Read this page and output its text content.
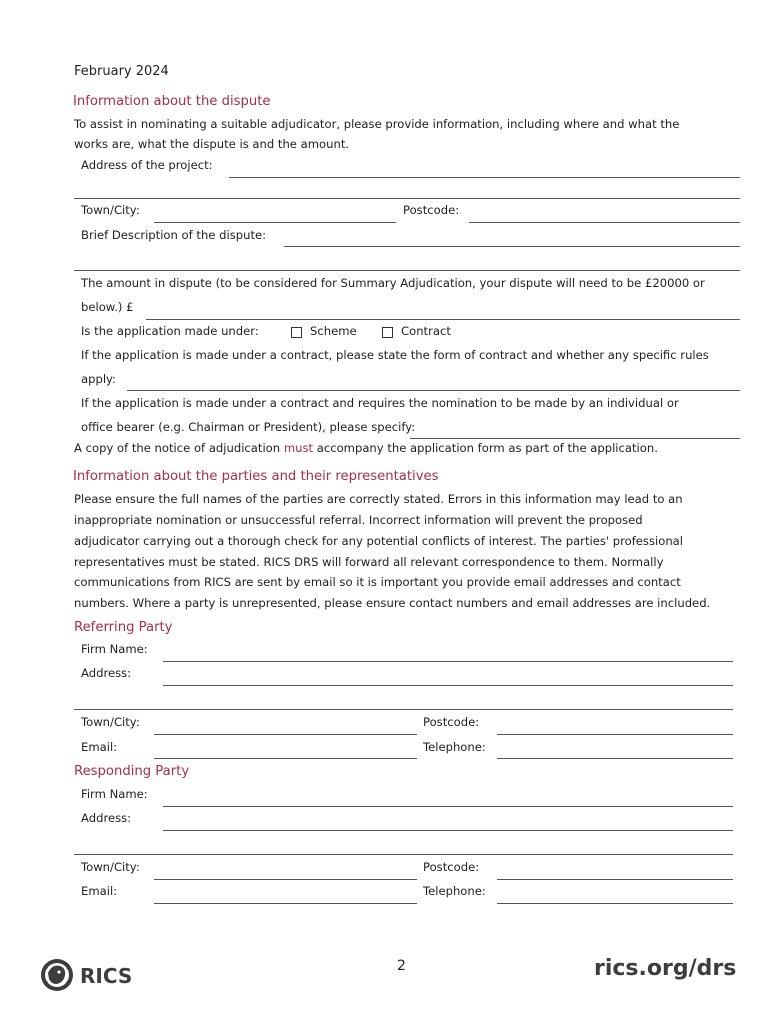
February 2024
Information about the dispute
To assist in nominating a suitable adjudicator, please provide information, including where and what the
works are, what the dispute is and the amount.
Address of the project:
Town/City:	Postcode:
Brief Description of the dispute:
The amount in dispute (to be considered for Summary Adjudication, your dispute will need to be £20000 or
below.) £
Is the application made under:	Scheme	Contract
If the application is made under a contract, please state the form of contract and whether any specific rules
apply:
If the application is made under a contract and requires the nomination to be made by an individual or
office bearer (e.g. Chairman or President), please specify:
A copy of the notice of adjudication must accompany the application form as part of the application.
Information about the parties and their representatives
Please ensure the full names of the parties are correctly stated. Errors in this information may lead to an
inappropriate nomination or unsuccessful referral. Incorrect information will prevent the proposed
adjudicator carrying out a thorough check for any potential conflicts of interest. The parties' professional
representatives must be stated. RICS DRS will forward all relevant correspondence to them. Normally
communications from RICS are sent by email so it is important you provide email addresses and contact
numbers. Where a party is unrepresented, please ensure contact numbers and email addresses are included.
Referring Party
Firm Name:
Address:
Town/City:	Postcode:
Email:	Telephone:
Responding Party
Firm Name:
Address:
Town/City:	Postcode:
Email:	Telephone:
RICS	2	rics.org/drs
